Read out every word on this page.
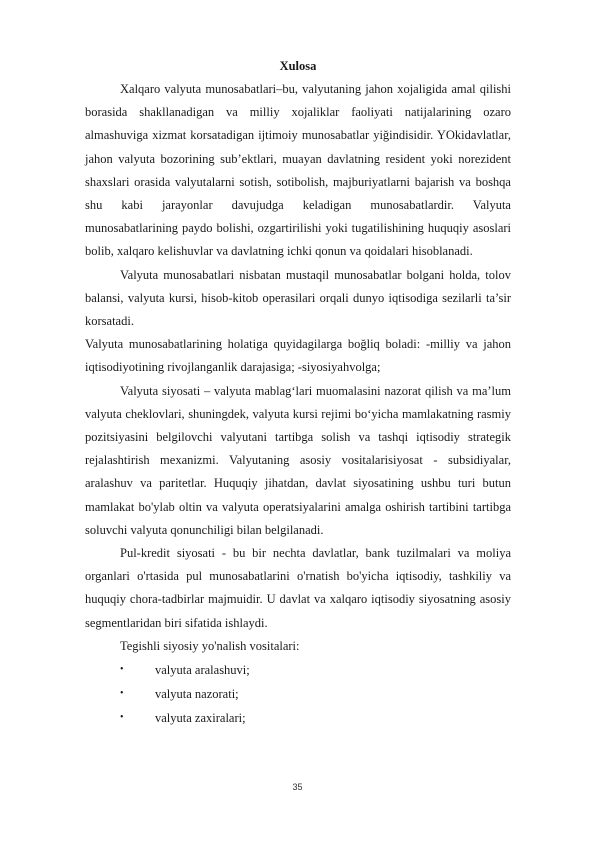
Xulosa

Xalqaro valyuta munosabatlari–bu, valyutaning jahon xojaligida amal qilishi borasida shakllanadigan va milliy xojaliklar faoliyati natijalarining ozaro almashuviga xizmat korsatadigan ijtimoiy munosabatlar yiğindisidir. YOkidavlatlar, jahon valyuta bozorining sub’ektlari, muayan davlatning resident yoki norezident shaxslari orasida valyutalarni sotish, sotibolish, majburiyatlarni bajarish va boshqa shu kabi jarayonlar davujudga keladigan munosabatlardir. Valyuta munosabatlarining paydo bolishi, ozgartirilishi yoki tugatilishining huquqiy asoslari bolib, xalqaro kelishuvlar va davlatning ichki qonun va qoidalari hisoblanadi.

Valyuta munosabatlari nisbatan mustaqil munosabatlar bolgani holda, tolov balansi, valyuta kursi, hisob-kitob operasilari orqali dunyo iqtisodiga sezilarli ta’sir korsatadi.

Valyuta munosabatlarining holatiga quyidagilarga boğliq boladi: -milliy va jahon iqtisodiyotining rivojlanganlik darajasiga; -siyosiyahvolga;

Valyuta siyosati – valyuta mablag‘lari muomalasini nazorat qilish va ma’lum valyuta cheklovlari, shuningdek, valyuta kursi rejimi bo‘yicha mamlakatning rasmiy pozitsiyasini belgilovchi valyutani tartibga solish va tashqi iqtisodiy strategik rejalashtirish mexanizmi. Valyutaning asosiy vositalarisiyosat - subsidiyalar, aralashuv va paritetlar. Huquqiy jihatdan, davlat siyosatining ushbu turi butun mamlakat bo'ylab oltin va valyuta operatsiyalarini amalga oshirish tartibini tartibga soluvchi valyuta qonunchiligi bilan belgilanadi.

Pul-kredit siyosati - bu bir nechta davlatlar, bank tuzilmalari va moliya organlari o'rtasida pul munosabatlarini o'rnatish bo'yicha iqtisodiy, tashkiliy va huquqiy chora-tadbirlar majmuidir. U davlat va xalqaro iqtisodiy siyosatning asosiy segmentlaridan biri sifatida ishlaydi.

Tegishli siyosiy yo'nalish vositalari:

•	valyuta aralashuvi;
•	valyuta nazorati;
•	valyuta zaxiralari;
35
